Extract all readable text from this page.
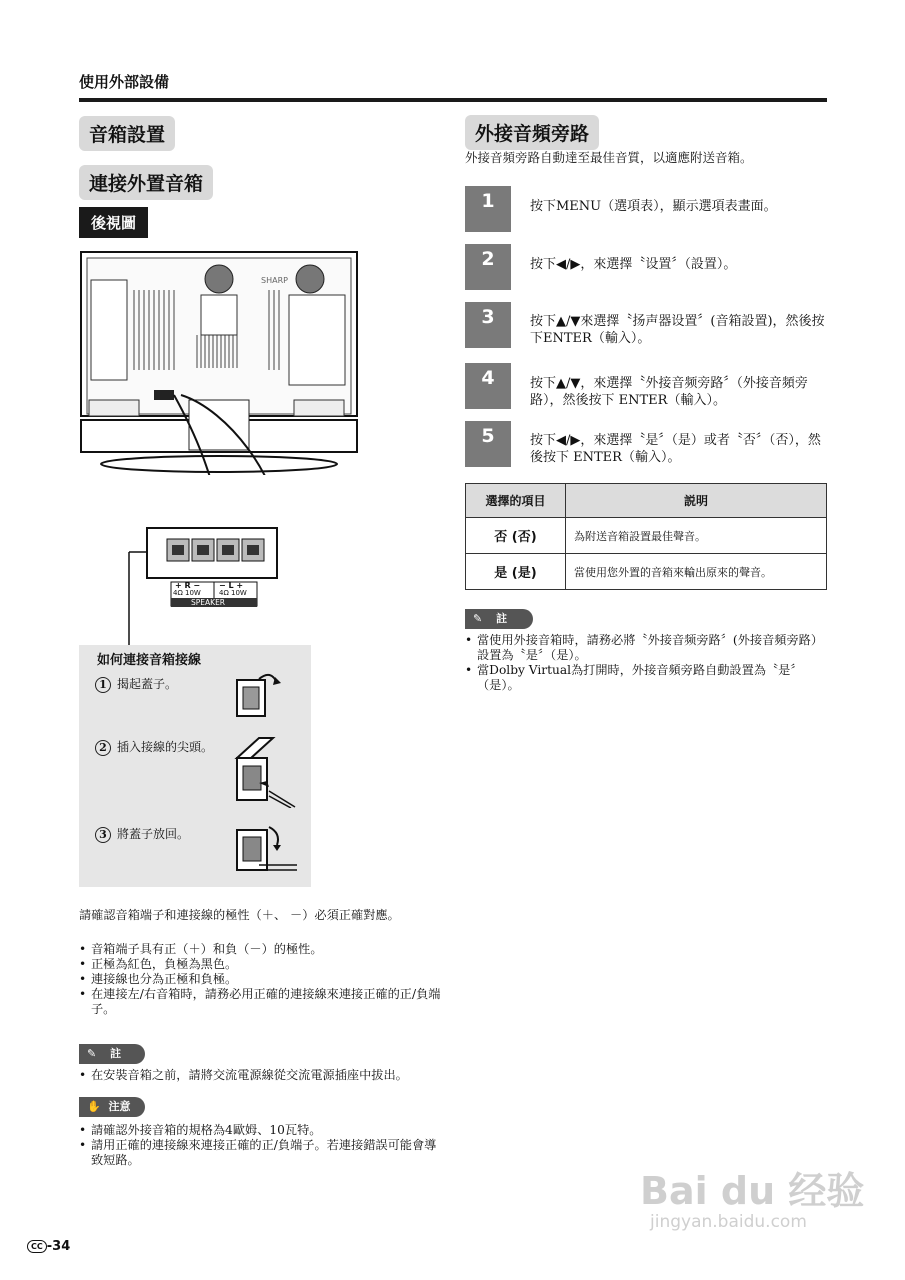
使用外部設備
音箱設置
連接外置音箱
後視圖
SHARP
+ R − − L +
4Ω 10W	4Ω 10W
SPEAKER
如何連接音箱接線
1 揭起蓋子。
2 插入接線的尖頭。
3 將蓋子放回。
請確認音箱端子和連接線的極性（＋、 －）必須正確對應。
• 音箱端子具有正（＋）和負（－）的極性。
• 正極為紅色，負極為黑色。
• 連接線也分為正極和負極。
• 在連接左/右音箱時，請務必用正確的連接線來連接正確的正/負端子。
✎ 註
• 在安裝音箱之前，請將交流電源線從交流電源插座中拔出。
✋ 注意
• 請確認外接音箱的規格為4歐姆、10瓦特。
• 請用正確的連接線來連接正確的正/負端子。若連接錯誤可能會導致短路。
外接音頻旁路
外接音頻旁路自動達至最佳音質，以適應附送音箱。
1	按下MENU（選項表），顯示選項表畫面。
2	按下◀/▶，來選擇〝设置〞（設置）。
3	按下▲/▼來選擇〝扬声器设置〞(音箱設置)，然後按下ENTER（輸入）。
4	按下▲/▼，來選擇〝外接音频旁路〞（外接音頻旁路），然後按下 ENTER（輸入）。
5	按下◀/▶，來選擇〝是〞（是）或者〝否〞（否），然後按下 ENTER（輸入）。
選擇的項目	説明
否 (否)	為附送音箱設置最佳聲音。
是 (是)	當使用您外置的音箱來輸出原來的聲音。
✎ 註
• 當使用外接音箱時，請務必將〝外接音频旁路〞(外接音頻旁路）設置為〝是〞（是）。
• 當Dolby Virtual為打開時，外接音頻旁路自動設置為〝是〞（是）。
CC -34
Bai du 经验
jingyan.baidu.com
